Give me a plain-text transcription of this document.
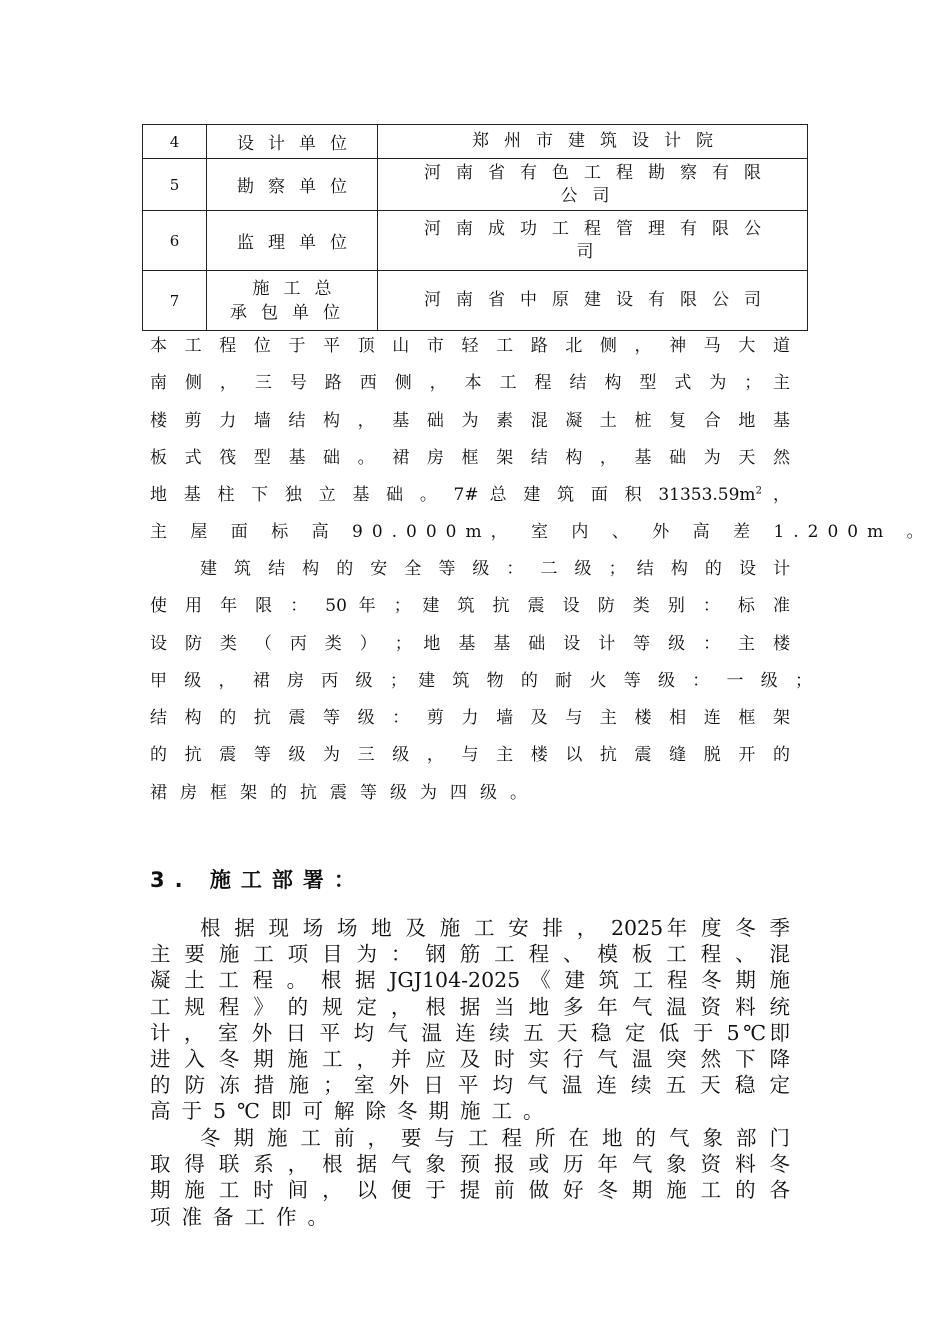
4	设计单位	郑州市建筑设计院

5	勘察单位	河南省有色工程勘察有限公司

6	监理单位	河南成功工程管理有限公司

7	施工总承包单位	河南省中原建设有限公司
本 工 程 位 于 平 顶 山 市 轻 工 路 北 侧 ， 神 马 大 道
南 侧 ， 三 号 路 西 侧 ， 本 工 程 结 构 型 式 为 ； 主
楼 剪 力 墙 结 构 ， 基 础 为 素 混 凝 土 桩 复 合 地 基
板 式 筏 型 基 础 。 裙 房 框 架 结 构 ， 基 础 为 天 然
地 基 柱 下 独 立 基 础 。 7# 总 建 筑 面 积 $31353.59m^2$ ，
主 屋 面 标 高 90.000m， 室 内 、 外 高 差 1.200m 。
建 筑 结 构 的 安 全 等 级 ： 二 级 ； 结 构 的 设 计
使 用 年 限 ： 50 年 ； 建 筑 抗 震 设 防 类 别 ： 标 准
设 防 类 （ 丙 类 ） ； 地 基 基 础 设 计 等 级 ： 主 楼
甲 级 ， 裙 房 丙 级 ； 建 筑 物 的 耐 火 等 级 ： 一 级 ；
结 构 的 抗 震 等 级 ： 剪 力 墙 及 与 主 楼 相 连 框 架
的 抗 震 等 级 为 三 级 ， 与 主 楼 以 抗 震 缝 脱 开 的
裙房框架的抗震等级为四级。
3. 施工部署：
根 据 现 场 场 地 及 施 工 安 排 ， 2025年 度 冬 季
主 要 施 工 项 目 为 ： 钢 筋 工 程 、 模 板 工 程 、 混
凝 土 工 程 。 根 据 JGJ104-2025 《 建 筑 工 程 冬 期 施
工 规 程 》 的 规 定 ， 根 据 当 地 多 年 气 温 资 料 统
计 ， 室 外 日 平 均 气 温 连 续 五 天 稳 定 低 于 5℃即
进 入 冬 期 施 工 ， 并 应 及 时 实 行 气 温 突 然 下 降
的 防 冻 措 施 ； 室 外 日 平 均 气 温 连 续 五 天 稳 定
高于5℃即可解除冬期施工。
冬 期 施 工 前 ， 要 与 工 程 所 在 地 的 气 象 部 门
取 得 联 系 ， 根 据 气 象 预 报 或 历 年 气 象 资 料 冬
期 施 工 时 间 ， 以 便 于 提 前 做 好 冬 期 施 工 的 各
项准备工作。
